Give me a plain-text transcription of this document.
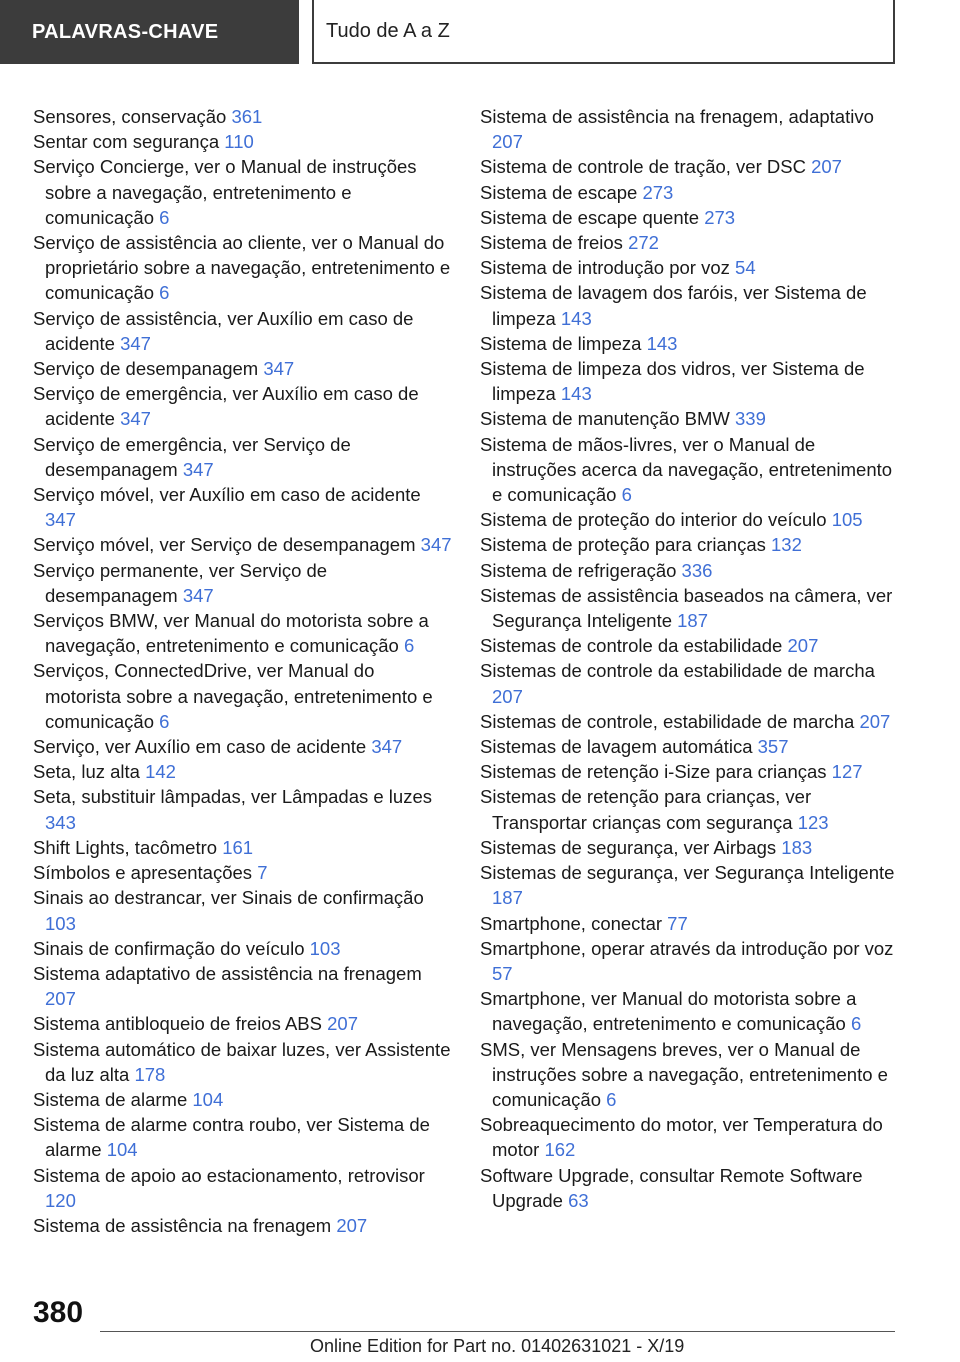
PALAVRAS-CHAVE	Tudo de A a Z

Sensores, conservação 361

Sentar com segurança 110

Serviço Concierge, ver o Manual de instruções sobre a navegação, entretenimento e comunicação 6

Serviço de assistência ao cliente, ver o Manual do proprietário sobre a navegação, entretenimento e comunicação 6

Serviço de assistência, ver Auxílio em caso de acidente 347

Serviço de desempanagem 347

Serviço de emergência, ver Auxílio em caso de acidente 347

Serviço de emergência, ver Serviço de desempanagem 347

Serviço móvel, ver Auxílio em caso de acidente 347

Serviço móvel, ver Serviço de desempanagem 347

Serviço permanente, ver Serviço de desempanagem 347

Serviços BMW, ver Manual do motorista sobre a navegação, entretenimento e comunicação 6

Serviços, ConnectedDrive, ver Manual do motorista sobre a navegação, entretenimento e comunicação 6

Serviço, ver Auxílio em caso de acidente 347

Seta, luz alta 142

Seta, substituir lâmpadas, ver Lâmpadas e luzes 343

Shift Lights, tacômetro 161

Símbolos e apresentações 7

Sinais ao destrancar, ver Sinais de confirmação 103

Sinais de confirmação do veículo 103

Sistema adaptativo de assistência na frenagem 207

Sistema antibloqueio de freios ABS 207

Sistema automático de baixar luzes, ver Assistente da luz alta 178

Sistema de alarme 104

Sistema de alarme contra roubo, ver Sistema de alarme 104

Sistema de apoio ao estacionamento, retrovisor 120

Sistema de assistência na frenagem 207

Sistema de assistência na frenagem, adaptativo 207

Sistema de controle de tração, ver DSC 207

Sistema de escape 273

Sistema de escape quente 273

Sistema de freios 272

Sistema de introdução por voz 54

Sistema de lavagem dos faróis, ver Sistema de limpeza 143

Sistema de limpeza 143

Sistema de limpeza dos vidros, ver Sistema de limpeza 143

Sistema de manutenção BMW 339

Sistema de mãos-livres, ver o Manual de instruções acerca da navegação, entretenimento e comunicação 6

Sistema de proteção do interior do veículo 105

Sistema de proteção para crianças 132

Sistema de refrigeração 336

Sistemas de assistência baseados na câmera, ver Segurança Inteligente 187

Sistemas de controle da estabilidade 207

Sistemas de controle da estabilidade de marcha 207

Sistemas de controle, estabilidade de marcha 207

Sistemas de lavagem automática 357

Sistemas de retenção i-Size para crianças 127

Sistemas de retenção para crianças, ver Transportar crianças com segurança 123

Sistemas de segurança, ver Airbags 183

Sistemas de segurança, ver Segurança Inteligente 187

Smartphone, conectar 77

Smartphone, operar através da introdução por voz 57

Smartphone, ver Manual do motorista sobre a navegação, entretenimento e comunicação 6

SMS, ver Mensagens breves, ver o Manual de instruções sobre a navegação, entretenimento e comunicação 6

Sobreaquecimento do motor, ver Temperatura do motor 162

Software Upgrade, consultar Remote Software Upgrade 63

380
Online Edition for Part no. 01402631021 - X/19
